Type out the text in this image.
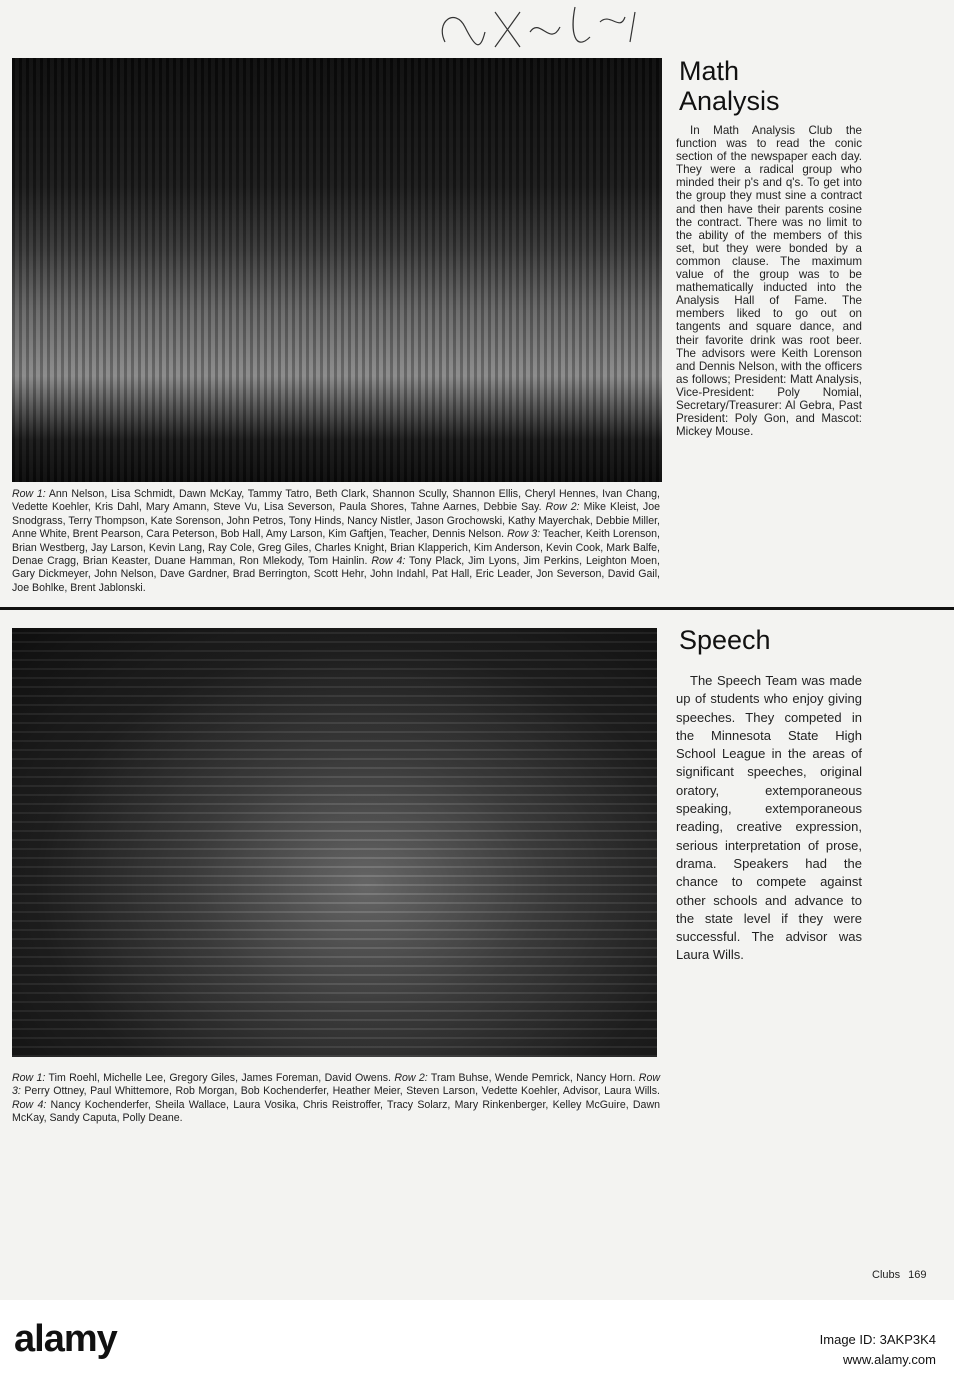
Math
Analysis

In Math Analysis Club the function was to read the conic section of the newspaper each day. They were a radical group who minded their p's and q's. To get into the group they must sine a contract and then have their parents cosine the contract. There was no limit to the ability of the members of this set, but they were bonded by a common clause. The maximum value of the group was to be mathematically inducted into the Analysis Hall of Fame. The members liked to go out on tangents and square dance, and their favorite drink was root beer. The advisors were Keith Lorenson and Dennis Nelson, with the officers as follows; President: Matt Analysis, Vice-President: Poly Nomial, Secretary/Treasurer: Al Gebra, Past President: Poly Gon, and Mascot: Mickey Mouse.

Row 1: Ann Nelson, Lisa Schmidt, Dawn McKay, Tammy Tatro, Beth Clark, Shannon Scully, Shannon Ellis, Cheryl Hennes, Ivan Chang, Vedette Koehler, Kris Dahl, Mary Amann, Steve Vu, Lisa Severson, Paula Shores, Tahne Aarnes, Debbie Say. Row 2: Mike Kleist, Joe Snodgrass, Terry Thompson, Kate Sorenson, John Petros, Tony Hinds, Nancy Nistler, Jason Grochowski, Kathy Mayerchak, Debbie Miller, Anne White, Brent Pearson, Cara Peterson, Bob Hall, Amy Larson, Kim Gaftjen, Teacher, Dennis Nelson. Row 3: Teacher, Keith Lorenson, Brian Westberg, Jay Larson, Kevin Lang, Ray Cole, Greg Giles, Charles Knight, Brian Klapperich, Kim Anderson, Kevin Cook, Mark Balfe, Denae Cragg, Brian Keaster, Duane Hamman, Ron Mlekody, Tom Hainlin. Row 4: Tony Plack, Jim Lyons, Jim Perkins, Leighton Moen, Gary Dickmeyer, John Nelson, Dave Gardner, Brad Berrington, Scott Hehr, John Indahl, Pat Hall, Eric Leader, Jon Severson, David Gail, Joe Bohlke, Brent Jablonski.

Speech

The Speech Team was made up of students who enjoy giving speeches. They competed in the Minnesota State High School League in the areas of significant speeches, original oratory, extemporaneous speaking, extemporaneous reading, creative expression, serious interpretation of prose, drama. Speakers had the chance to compete against other schools and advance to the state level if they were successful. The advisor was Laura Wills.

Row 1: Tim Roehl, Michelle Lee, Gregory Giles, James Foreman, David Owens. Row 2: Tram Buhse, Wende Pemrick, Nancy Horn. Row 3: Perry Ottney, Paul Whittemore, Rob Morgan, Bob Kochenderfer, Heather Meier, Steven Larson, Vedette Koehler, Advisor, Laura Wills. Row 4: Nancy Kochenderfer, Sheila Wallace, Laura Vosika, Chris Reistroffer, Tracy Solarz, Mary Rinkenberger, Kelley McGuire, Dawn McKay, Sandy Caputa, Polly Deane.

Clubs 169
alamy	Image ID: 3AKP3K4
www.alamy.com
